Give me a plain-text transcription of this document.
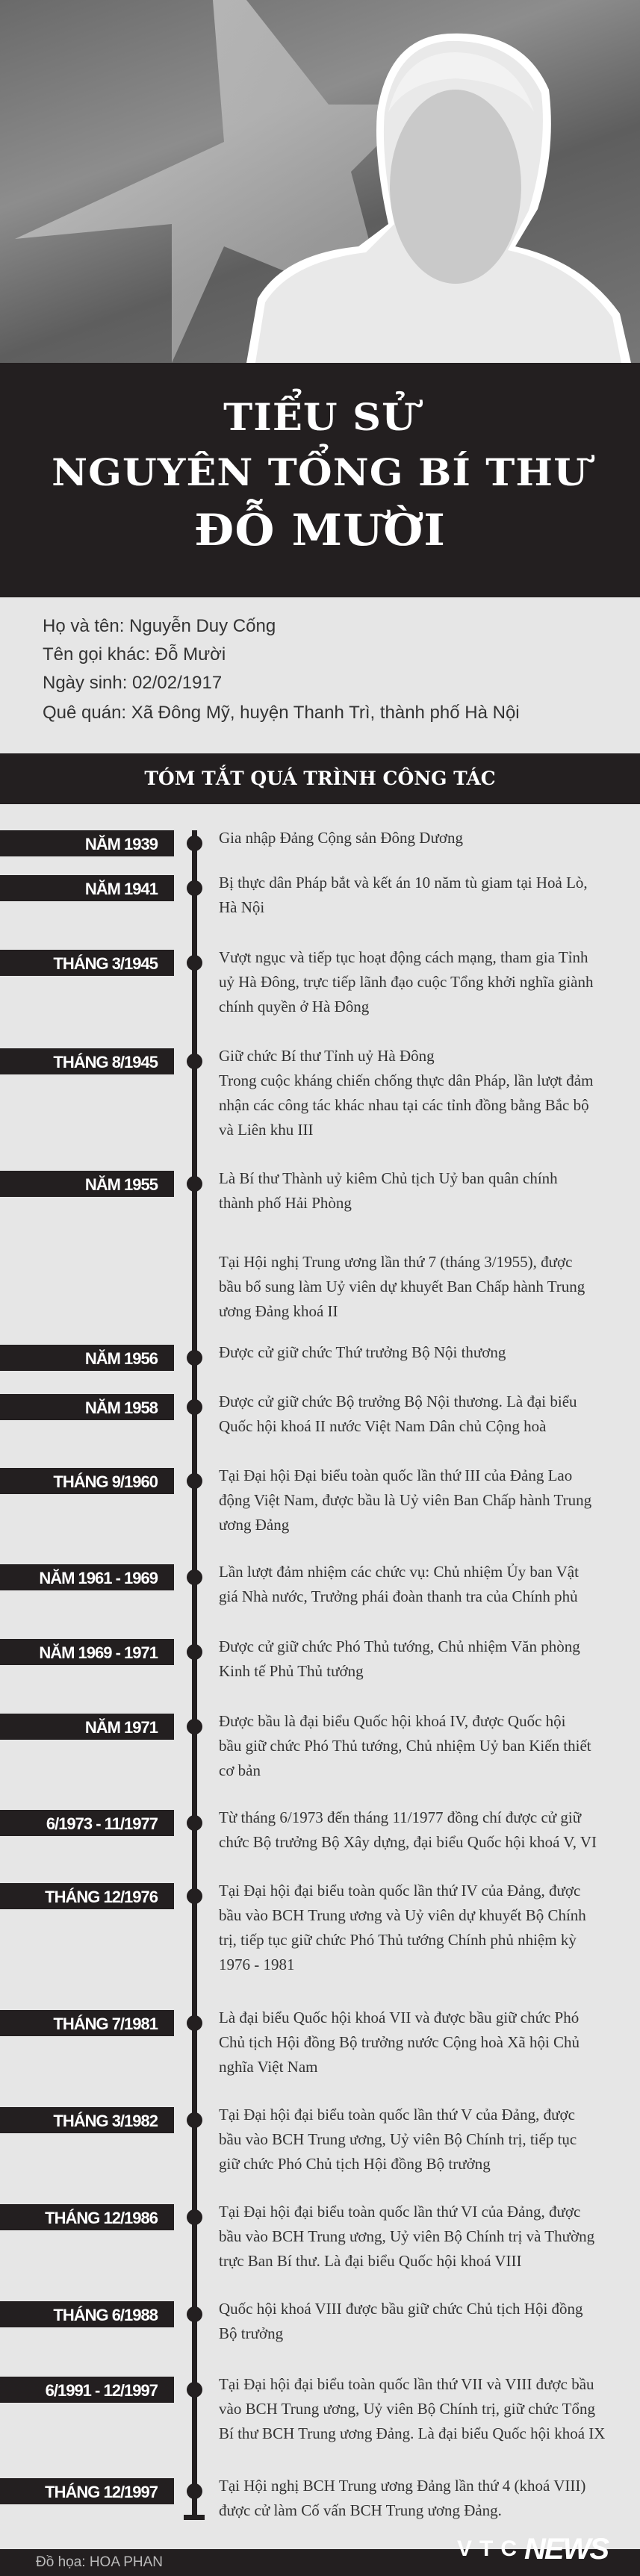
TIỂU SỬ
NGUYÊN TỔNG BÍ THƯ
ĐỖ MƯỜI
Họ và tên: Nguyễn Duy Cống
Tên gọi khác: Đỗ Mười
Ngày sinh: 02/02/1917
Quê quán: Xã Đông Mỹ, huyện Thanh Trì, thành phố Hà Nội
TÓM TẮT QUÁ TRÌNH CÔNG TÁC
NĂM 1939	Gia nhập Đảng Cộng sản Đông Dương
NĂM 1941	Bị thực dân Pháp bắt và kết án 10 năm tù giam tại Hoả Lò,
Hà Nội
THÁNG 3/1945	Vượt ngục và tiếp tục hoạt động cách mạng, tham gia Tỉnh
uỷ Hà Đông, trực tiếp lãnh đạo cuộc Tổng khởi nghĩa giành
chính quyền ở Hà Đông
THÁNG 8/1945	Giữ chức Bí thư Tỉnh uỷ Hà Đông
Trong cuộc kháng chiến chống thực dân Pháp, lần lượt đảm
nhận các công tác khác nhau tại các tỉnh đồng bằng Bắc bộ
và Liên khu III
NĂM 1955	Là Bí thư Thành uỷ kiêm Chủ tịch Uỷ ban quân chính
thành phố Hải Phòng
Tại Hội nghị Trung ương lần thứ 7 (tháng 3/1955), được
bầu bổ sung làm Uỷ viên dự khuyết Ban Chấp hành Trung
ương Đảng khoá II
NĂM 1956	Được cử giữ chức Thứ trưởng Bộ Nội thương
NĂM 1958	Được cử giữ chức Bộ trưởng Bộ Nội thương. Là đại biểu
Quốc hội khoá II nước Việt Nam Dân chủ Cộng hoà
THÁNG 9/1960	Tại Đại hội Đại biểu toàn quốc lần thứ III của Đảng Lao
động Việt Nam, được bầu là Uỷ viên Ban Chấp hành Trung
ương Đảng
NĂM 1961 - 1969	Lần lượt đảm nhiệm các chức vụ: Chủ nhiệm Ủy ban Vật
giá Nhà nước, Trưởng phái đoàn thanh tra của Chính phủ
NĂM 1969 - 1971	Được cử giữ chức Phó Thủ tướng, Chủ nhiệm Văn phòng
Kinh tế Phủ Thủ tướng
NĂM 1971	Được bầu là đại biểu Quốc hội khoá IV, được Quốc hội
bầu giữ chức Phó Thủ tướng, Chủ nhiệm Uỷ ban Kiến thiết
cơ bản
6/1973 - 11/1977	Từ tháng 6/1973 đến tháng 11/1977 đồng chí được cử giữ
chức Bộ trưởng Bộ Xây dựng, đại biểu Quốc hội khoá V, VI
THÁNG 12/1976	Tại Đại hội đại biểu toàn quốc lần thứ IV của Đảng, được
bầu vào BCH Trung ương và Uỷ viên dự khuyết Bộ Chính
trị, tiếp tục giữ chức Phó Thủ tướng Chính phủ nhiệm kỳ
1976 - 1981
THÁNG 7/1981	Là đại biểu Quốc hội khoá VII và được bầu giữ chức Phó
Chủ tịch Hội đồng Bộ trưởng nước Cộng hoà Xã hội Chủ
nghĩa Việt Nam
THÁNG 3/1982	Tại Đại hội đại biểu toàn quốc lần thứ V của Đảng, được
bầu vào BCH Trung ương, Uỷ viên Bộ Chính trị, tiếp tục
giữ chức Phó Chủ tịch Hội đồng Bộ trưởng
THÁNG 12/1986	Tại Đại hội đại biểu toàn quốc lần thứ VI của Đảng, được
bầu vào BCH Trung ương, Uỷ viên Bộ Chính trị và Thường
trực Ban Bí thư. Là đại biểu Quốc hội khoá VIII
THÁNG 6/1988	Quốc hội khoá VIII được bầu giữ chức Chủ tịch Hội đồng
Bộ trưởng
6/1991 - 12/1997	Tại Đại hội đại biểu toàn quốc lần thứ VII và VIII được bầu
vào BCH Trung ương, Uỷ viên Bộ Chính trị, giữ chức Tổng
Bí thư BCH Trung ương Đảng. Là đại biểu Quốc hội khoá IX
THÁNG 12/1997	Tại Hội nghị BCH Trung ương Đảng lần thứ 4 (khoá VIII)
được cử làm Cố vấn BCH Trung ương Đảng.
Đồ họa: HOA PHAN
VTC NEWS
